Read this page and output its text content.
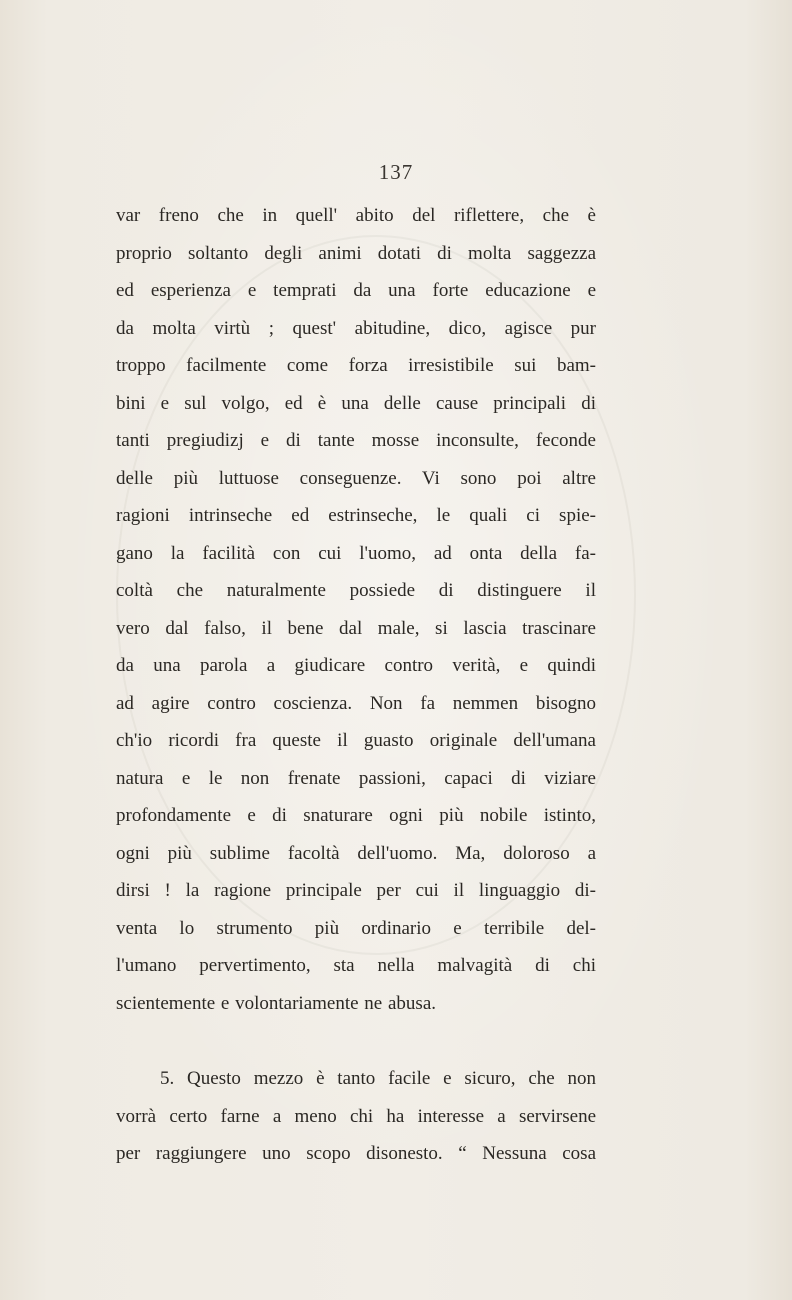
137
var freno che in quell' abito del riflettere, che è
proprio soltanto degli animi dotati di molta saggezza
ed esperienza e temprati da una forte educazione e
da molta virtù ; quest' abitudine, dico, agisce pur
troppo facilmente come forza irresistibile sui bam-
bini e sul volgo, ed è una delle cause principali di
tanti pregiudizj e di tante mosse inconsulte, feconde
delle più luttuose conseguenze. Vi sono poi altre
ragioni intrinseche ed estrinseche, le quali ci spie-
gano la facilità con cui l'uomo, ad onta della fa-
coltà che naturalmente possiede di distinguere il
vero dal falso, il bene dal male, si lascia trascinare
da una parola a giudicare contro verità, e quindi
ad agire contro coscienza. Non fa nemmen bisogno
ch'io ricordi fra queste il guasto originale dell'umana
natura e le non frenate passioni, capaci di viziare
profondamente e di snaturare ogni più nobile istinto,
ogni più sublime facoltà dell'uomo. Ma, doloroso a
dirsi ! la ragione principale per cui il linguaggio di-
venta lo strumento più ordinario e terribile del-
l'umano pervertimento, sta nella malvagità di chi
scientemente e volontariamente ne abusa.
5. Questo mezzo è tanto facile e sicuro, che non
vorrà certo farne a meno chi ha interesse a servirsene
per raggiungere uno scopo disonesto. “ Nessuna cosa
